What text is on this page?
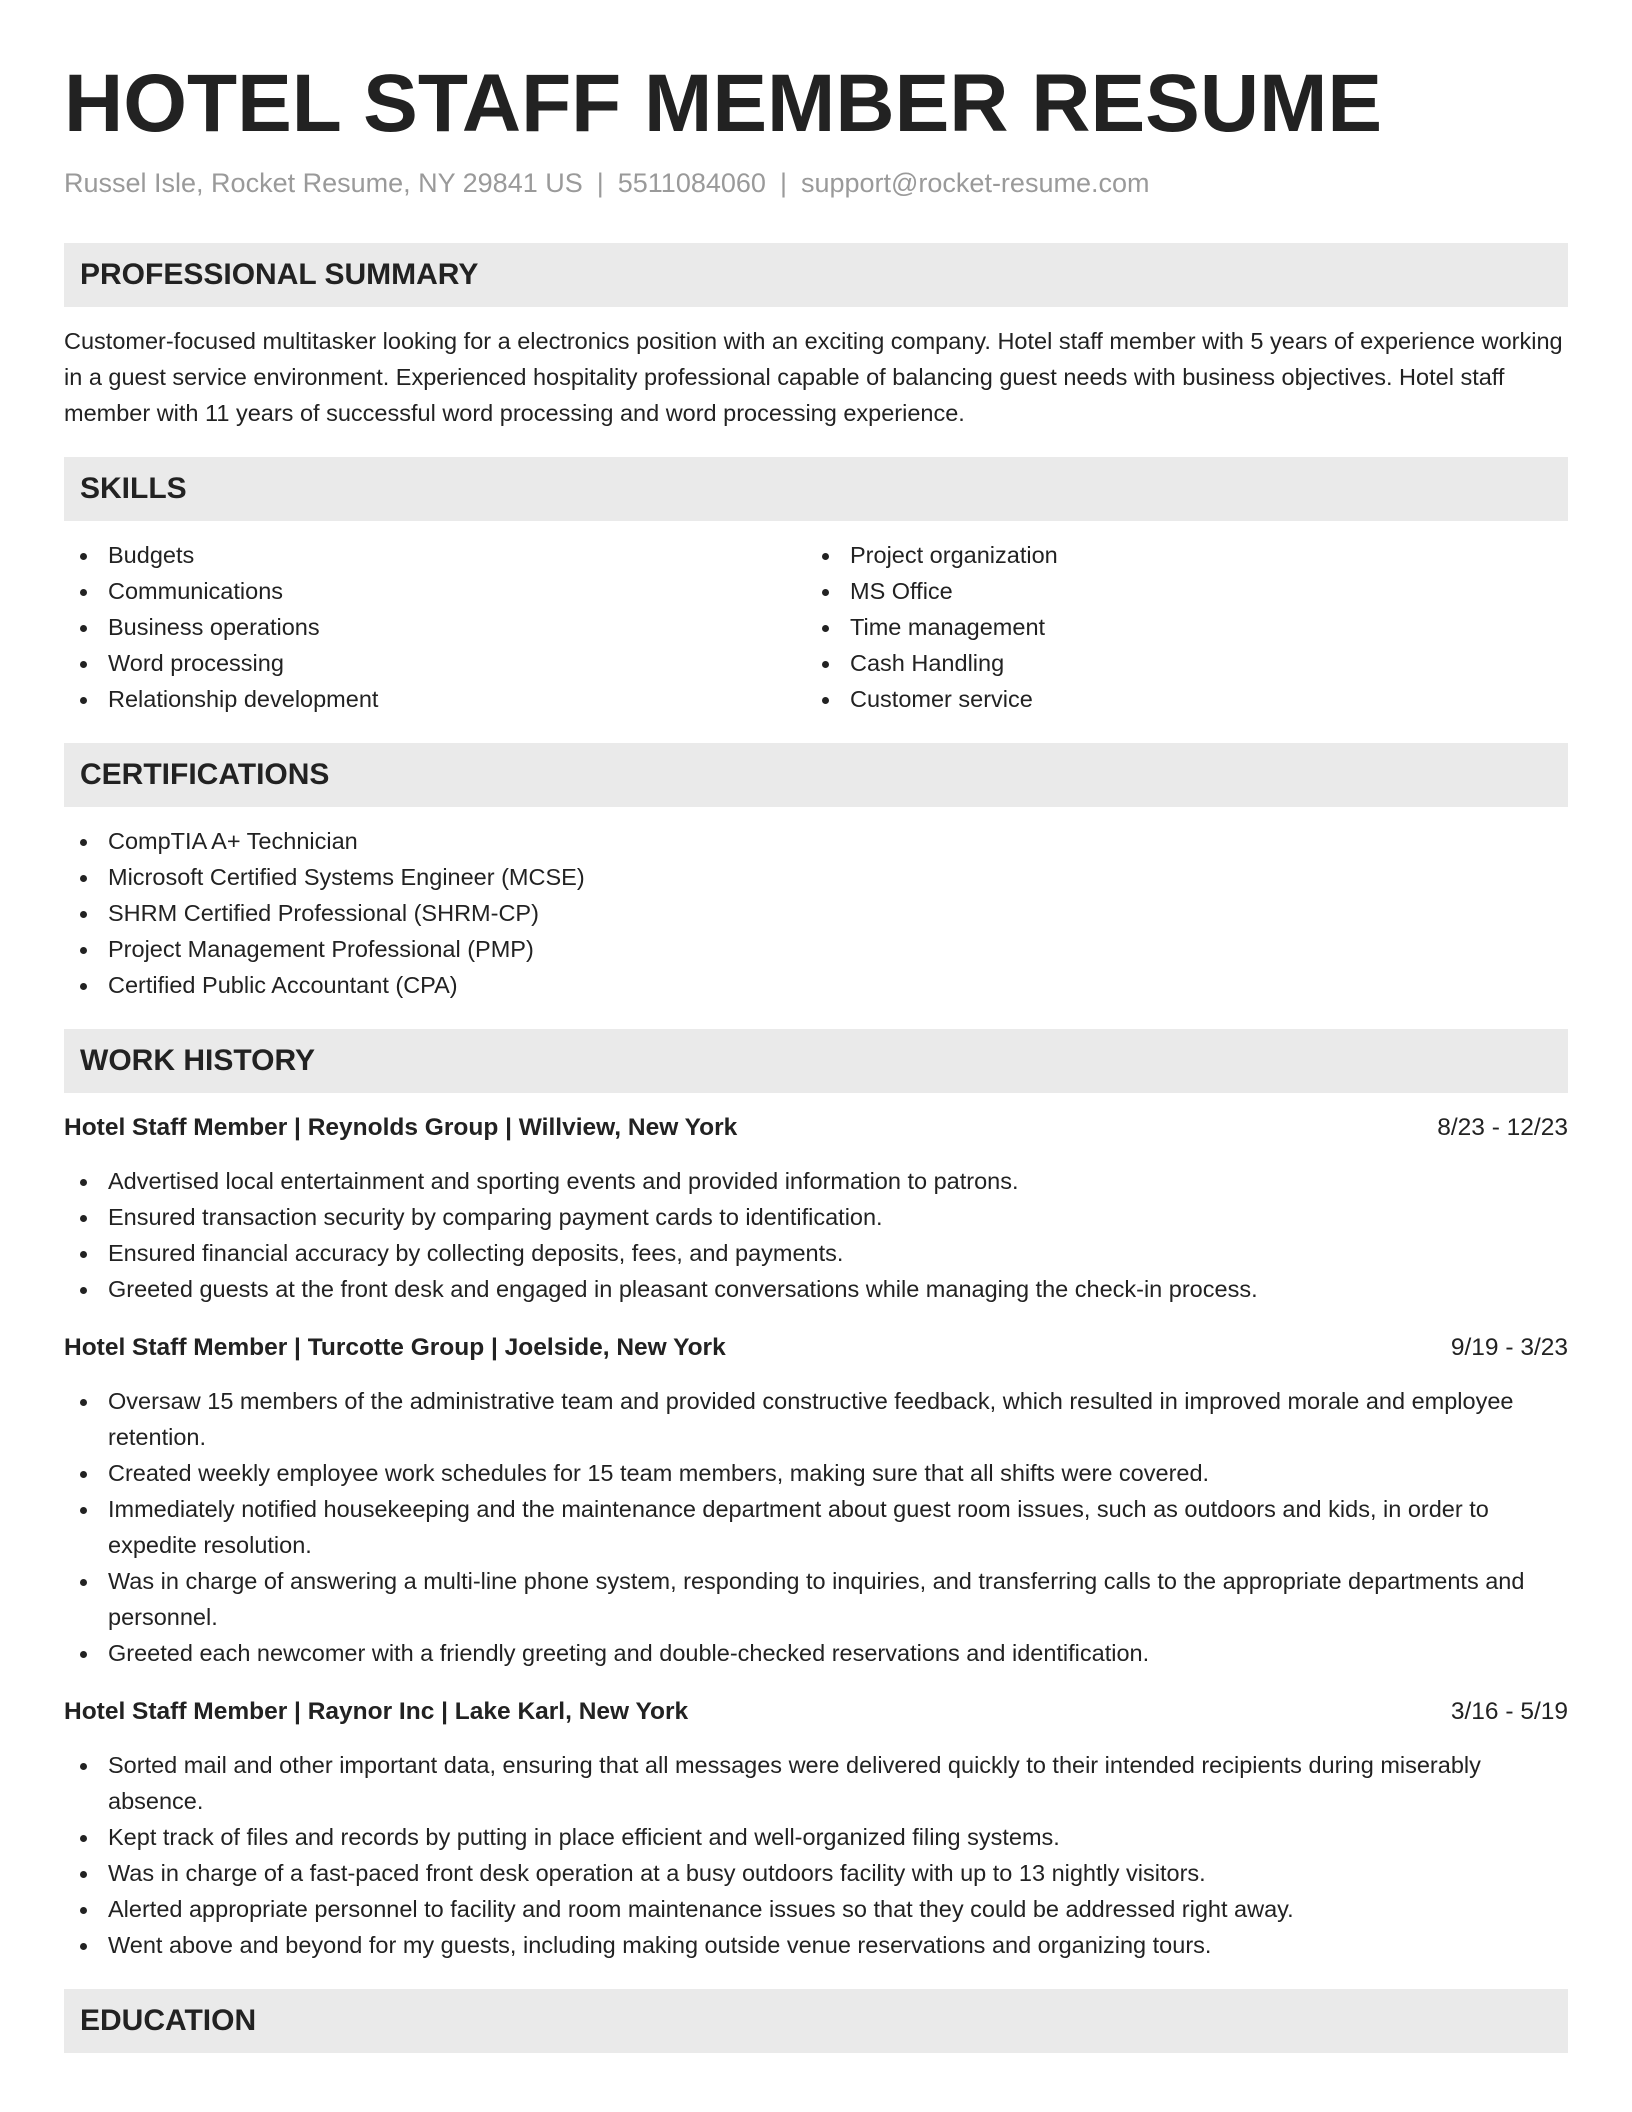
HOTEL STAFF MEMBER RESUME
Russel Isle, Rocket Resume, NY 29841 US | 5511084060 | support@rocket-resume.com
PROFESSIONAL SUMMARY

Customer-focused multitasker looking for a electronics position with an exciting company. Hotel staff member with 5 years of experience working in a guest service environment. Experienced hospitality professional capable of balancing guest needs with business objectives. Hotel staff member with 11 years of successful word processing and word processing experience.

SKILLS
Budgets
Communications
Business operations
Word processing
Relationship development
Project organization
MS Office
Time management
Cash Handling
Customer service
CERTIFICATIONS
CompTIA A+ Technician
Microsoft Certified Systems Engineer (MCSE)
SHRM Certified Professional (SHRM-CP)
Project Management Professional (PMP)
Certified Public Accountant (CPA)
WORK HISTORY
Hotel Staff Member | Reynolds Group | Willview, New York	8/23 - 12/23
Advertised local entertainment and sporting events and provided information to patrons.
Ensured transaction security by comparing payment cards to identification.
Ensured financial accuracy by collecting deposits, fees, and payments.
Greeted guests at the front desk and engaged in pleasant conversations while managing the check-in process.
Hotel Staff Member | Turcotte Group | Joelside, New York	9/19 - 3/23
Oversaw 15 members of the administrative team and provided constructive feedback, which resulted in improved morale and employee retention.
Created weekly employee work schedules for 15 team members, making sure that all shifts were covered.
Immediately notified housekeeping and the maintenance department about guest room issues, such as outdoors and kids, in order to expedite resolution.
Was in charge of answering a multi-line phone system, responding to inquiries, and transferring calls to the appropriate departments and personnel.
Greeted each newcomer with a friendly greeting and double-checked reservations and identification.
Hotel Staff Member | Raynor Inc | Lake Karl, New York	3/16 - 5/19
Sorted mail and other important data, ensuring that all messages were delivered quickly to their intended recipients during miserably absence.
Kept track of files and records by putting in place efficient and well-organized filing systems.
Was in charge of a fast-paced front desk operation at a busy outdoors facility with up to 13 nightly visitors.
Alerted appropriate personnel to facility and room maintenance issues so that they could be addressed right away.
Went above and beyond for my guests, including making outside venue reservations and organizing tours.
EDUCATION
